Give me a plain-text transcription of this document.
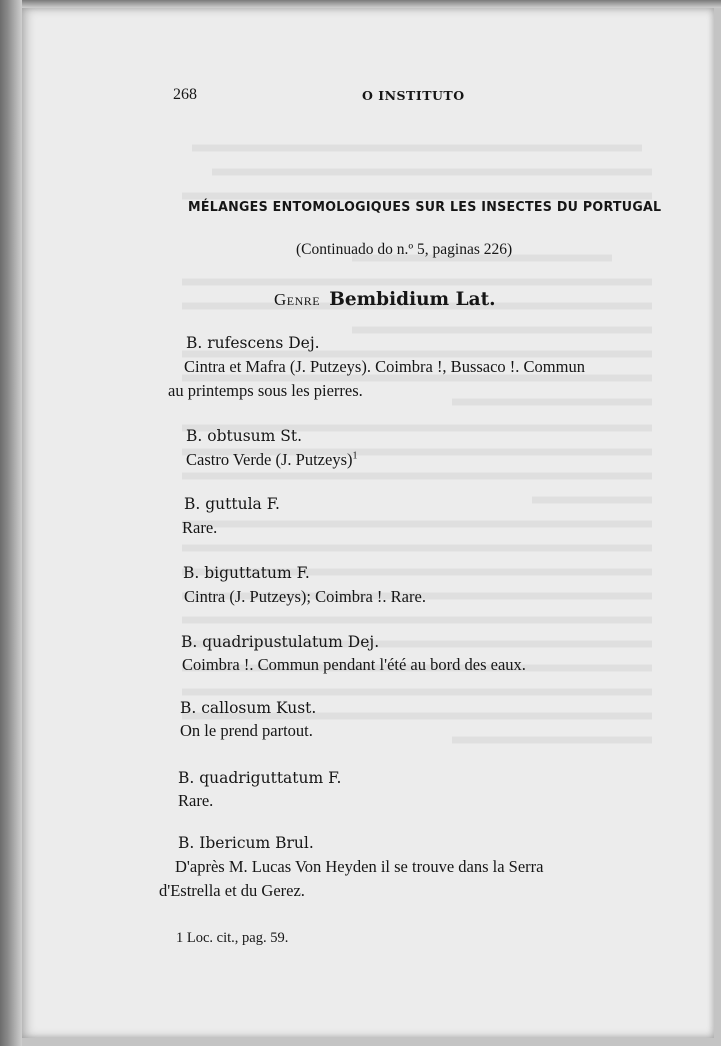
268	O INSTITUTO
MÉLANGES ENTOMOLOGIQUES SUR LES INSECTES DU PORTUGAL
(Continuado do n.º 5, paginas 226)
Genre Bembidium Lat.
B. rufescens Dej.
Cintra et Mafra (J. Putzeys). Coimbra !, Bussaco !. Commun
au printemps sous les pierres.
B. obtusum St.
Castro Verde (J. Putzeys)$^1$
B. guttula F.
Rare.
B. biguttatum F.
Cintra (J. Putzeys); Coimbra !. Rare.
B. quadripustulatum Dej.
Coimbra !. Commun pendant l'été au bord des eaux.
B. callosum Kust.
On le prend partout.
B. quadriguttatum F.
Rare.
B. Ibericum Brul.
D'après M. Lucas Von Heyden il se trouve dans la Serra
d'Estrella et du Gerez.
1 Loc. cit., pag. 59.
